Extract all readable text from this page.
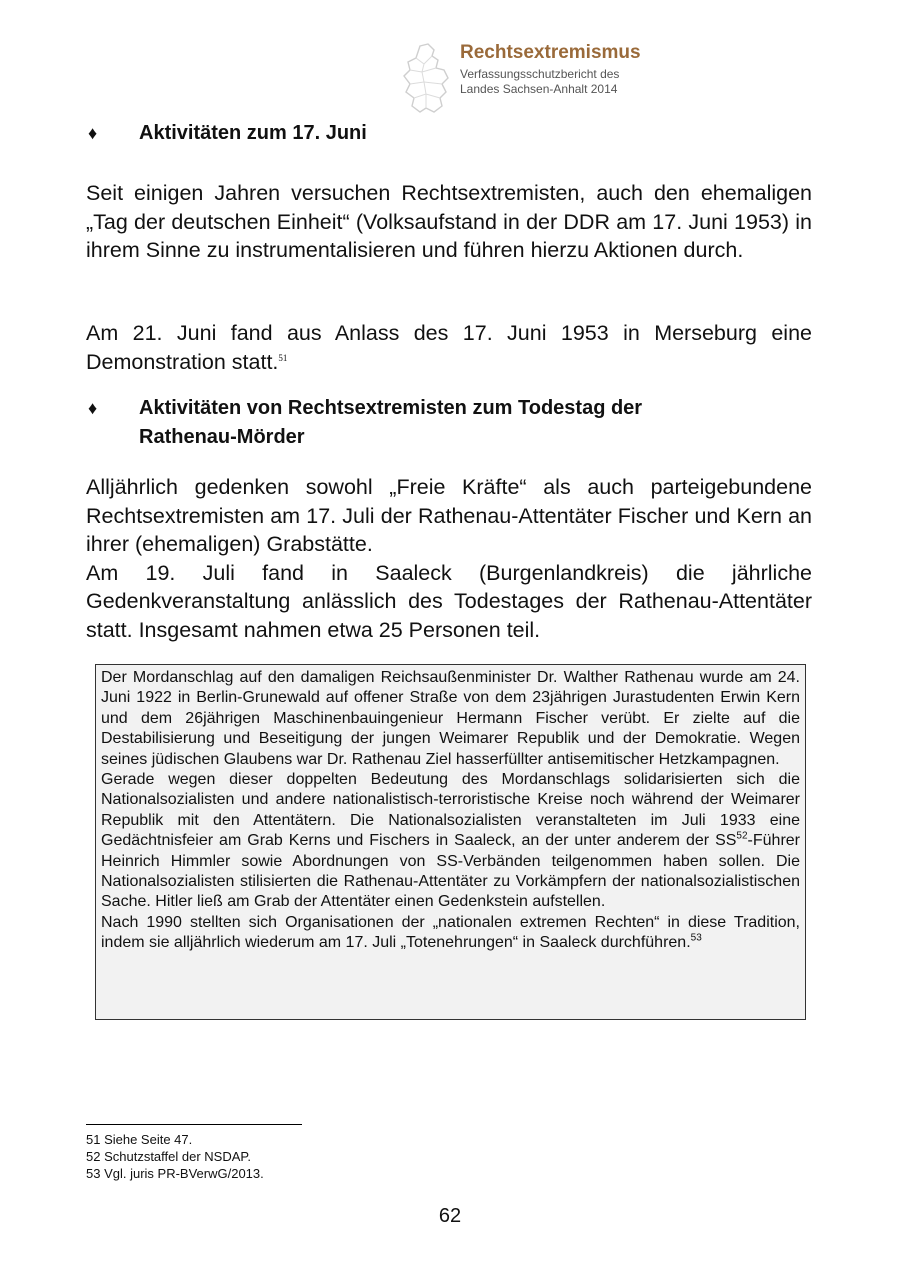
Rechtsextremismus
Verfassungsschutzbericht des
Landes Sachsen-Anhalt 2014
♦ Aktivitäten zum 17. Juni

Seit einigen Jahren versuchen Rechtsextremisten, auch den ehemaligen „Tag der deutschen Einheit“ (Volksaufstand in der DDR am 17. Juni 1953) in ihrem Sinne zu instrumentalisieren und führen hierzu Aktionen durch.

Am 21. Juni fand aus Anlass des 17. Juni 1953 in Merseburg eine Demonstration statt.$^{51}$

♦ Aktivitäten von Rechtsextremisten zum Todestag der
Rathenau-Mörder

Alljährlich gedenken sowohl „Freie Kräfte“ als auch parteigebundene Rechtsextremisten am 17. Juli der Rathenau-Attentäter Fischer und Kern an ihrer (ehemaligen) Grabstätte.

Am 19. Juli fand in Saaleck (Burgenlandkreis) die jährliche Gedenkveranstaltung anlässlich des Todestages der Rathenau-Attentäter statt. Insgesamt nahmen etwa 25 Personen teil.

Der Mordanschlag auf den damaligen Reichsaußenminister Dr. Walther Rathenau wurde am 24. Juni 1922 in Berlin-Grunewald auf offener Straße von dem 23jährigen Jurastudenten Erwin Kern und dem 26jährigen Maschinenbauingenieur Hermann Fischer verübt. Er zielte auf die Destabilisierung und Beseitigung der jungen Weimarer Republik und der Demokratie. Wegen seines jüdischen Glaubens war Dr. Rathenau Ziel hasserfüllter antisemitischer Hetzkampagnen.

Gerade wegen dieser doppelten Bedeutung des Mordanschlags solidarisierten sich die Nationalsozialisten und andere nationalistisch-terroristische Kreise noch während der Weimarer Republik mit den Attentätern. Die Nationalsozialisten veranstalteten im Juli 1933 eine Gedächtnisfeier am Grab Kerns und Fischers in Saaleck, an der unter anderem der SS$^{52}$-Führer Heinrich Himmler sowie Abordnungen von SS-Verbänden teilgenommen haben sollen. Die Nationalsozialisten stilisierten die Rathenau-Attentäter zu Vorkämpfern der nationalsozialistischen Sache. Hitler ließ am Grab der Attentäter einen Gedenkstein aufstellen.

Nach 1990 stellten sich Organisationen der „nationalen extremen Rechten“ in diese Tradition, indem sie alljährlich wiederum am 17. Juli „Totenehrungen“ in Saaleck durchführen.$^{53}$

51 Siehe Seite 47.
52 Schutzstaffel der NSDAP.
53 Vgl. juris PR-BVerwG/2013.
62
